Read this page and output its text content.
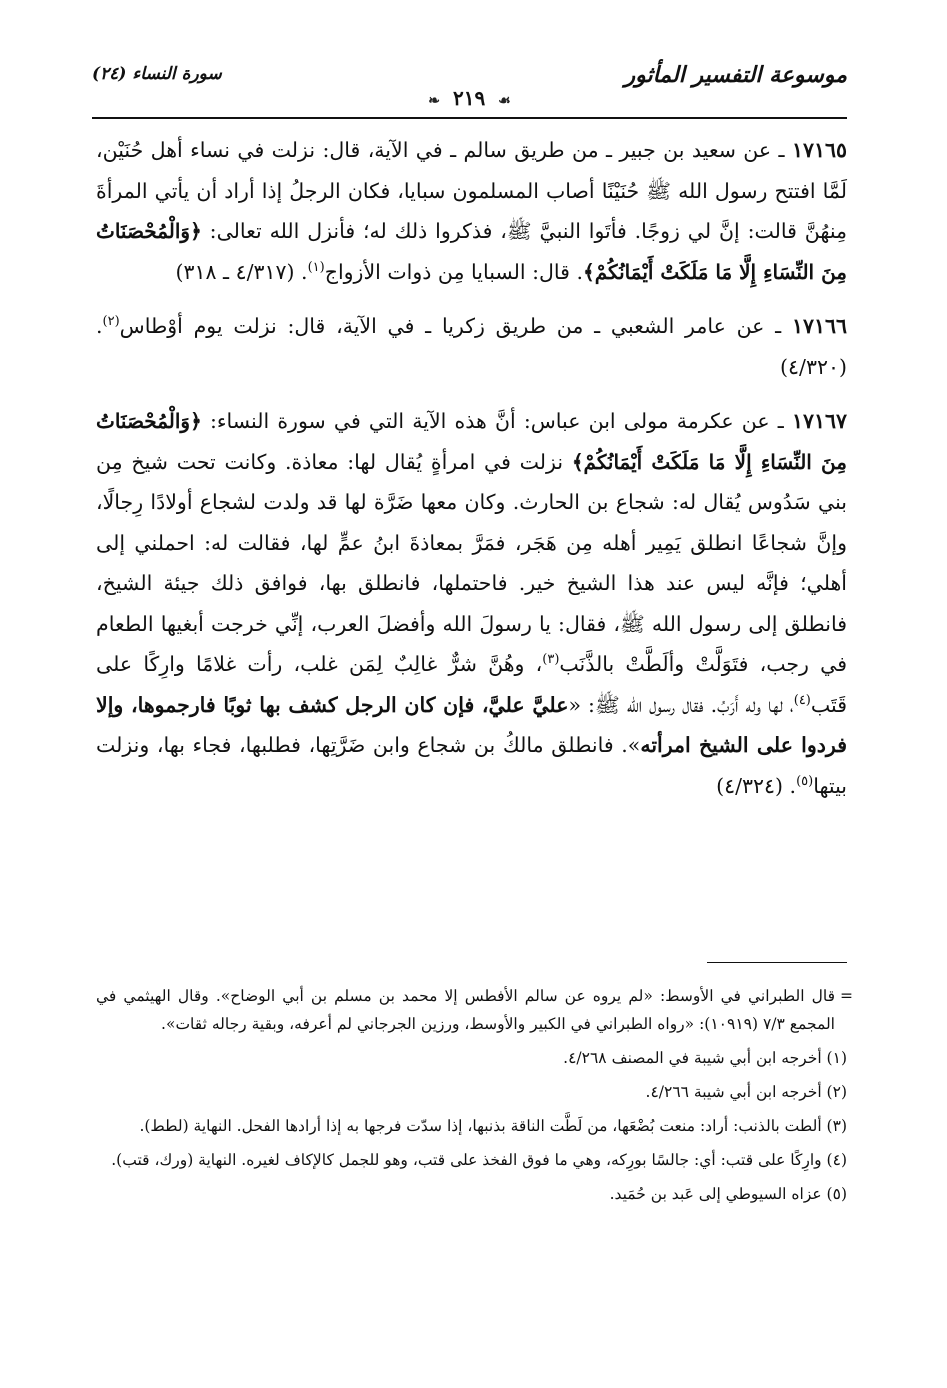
موسوعة التفسير المأثور
❧ ٢١٩ ☙
سورة النساء (٢٤)

١٧١٦٥ ـ عن سعيد بن جبير ـ من طريق سالم ـ في الآية، قال: نزلت في نساء أهل حُنَيْن، لَمَّا افتتح رسول الله ﷺ حُنَيْنًا أصاب المسلمون سبايا، فكان الرجلُ إذا أراد أن يأتي المرأةَ مِنهُنَّ قالت: إنَّ لي زوجًا. فأتَوا النبيَّ ﷺ، فذكروا ذلك له؛ فأنزل الله تعالى: ﴿وَالْمُحْصَنَاتُ مِنَ النِّسَاءِ إِلَّا مَا مَلَكَتْ أَيْمَانُكُمْ﴾. قال: السبايا مِن ذوات الأزواج$^{(١)}$. (٤/٣١٧ ـ ٣١٨)

١٧١٦٦ ـ عن عامر الشعبي ـ من طريق زكريا ـ في الآية، قال: نزلت يوم أوْطاس$^{(٢)}$. (٤/٣٢٠)

١٧١٦٧ ـ عن عكرمة مولى ابن عباس: أنَّ هذه الآية التي في سورة النساء: ﴿وَالْمُحْصَنَاتُ مِنَ النِّسَاءِ إِلَّا مَا مَلَكَتْ أَيْمَانُكُمْ﴾ نزلت في امرأةٍ يُقال لها: معاذة. وكانت تحت شيخ مِن بني سَدُوس يُقال له: شجاع بن الحارث. وكان معها ضَرَّة لها قد ولدت لشجاع أولادًا رِجالًا، وإنَّ شجاعًا انطلق يَمِير أهله مِن هَجَر، فمَرَّ بمعاذةَ ابنُ عمٍّ لها، فقالت له: احملني إلى أهلي؛ فإنَّه ليس عند هذا الشيخ خير. فاحتملها، فانطلق بها، فوافق ذلك جيئة الشيخ، فانطلق إلى رسول الله ﷺ، فقال: يا رسولَ الله وأفضلَ العرب، إنِّي خرجت أبغيها الطعام في رجب، فتَوَلَّتْ وألَطَّتْ بالذَّنَب$^{(٣)}$، وهُنَّ شرٌّ غالِبٌ لِمَن غلب، رأت غلامًا وارِكًا على قَتَب$^{(٤)}$، لها وله أَرَبُ. فقال رسول الله ﷺ: «عليَّ عليَّ، فإن كان الرجل كشف بها ثوبًا فارجموها، وإلا فردوا على الشيخ امرأته». فانطلق مالكُ بن شجاع وابن ضَرَّتِها، فطلبها، فجاء بها، ونزلت بيتها$^{(٥)}$. (٤/٣٢٤)

=
قال الطبراني في الأوسط: «لم يروه عن سالم الأفطس إلا محمد بن مسلم بن أبي الوضاح». وقال الهيثمي في المجمع ٧/٣ (١٠٩١٩): «رواه الطبراني في الكبير والأوسط، ورزين الجرجاني لم أعرفه، وبقية رجاله ثقات».

(١) أخرجه ابن أبي شيبة في المصنف ٤/٢٦٨.

(٢) أخرجه ابن أبي شيبة ٤/٢٦٦.

(٣) ألطت بالذنب: أراد: منعت بُضْعَها، من لَطَّت الناقة بذنبها، إذا سدّت فرجها به إذا أرادها الفحل. النهاية (لطط).

(٤) وارِكًا على قتب: أي: جالسًا بورِكه، وهي ما فوق الفخذ على قتب، وهو للجمل كالإكاف لغيره. النهاية (ورك، قتب).

(٥) عزاه السيوطي إلى عَبد بن حُمَيد.
